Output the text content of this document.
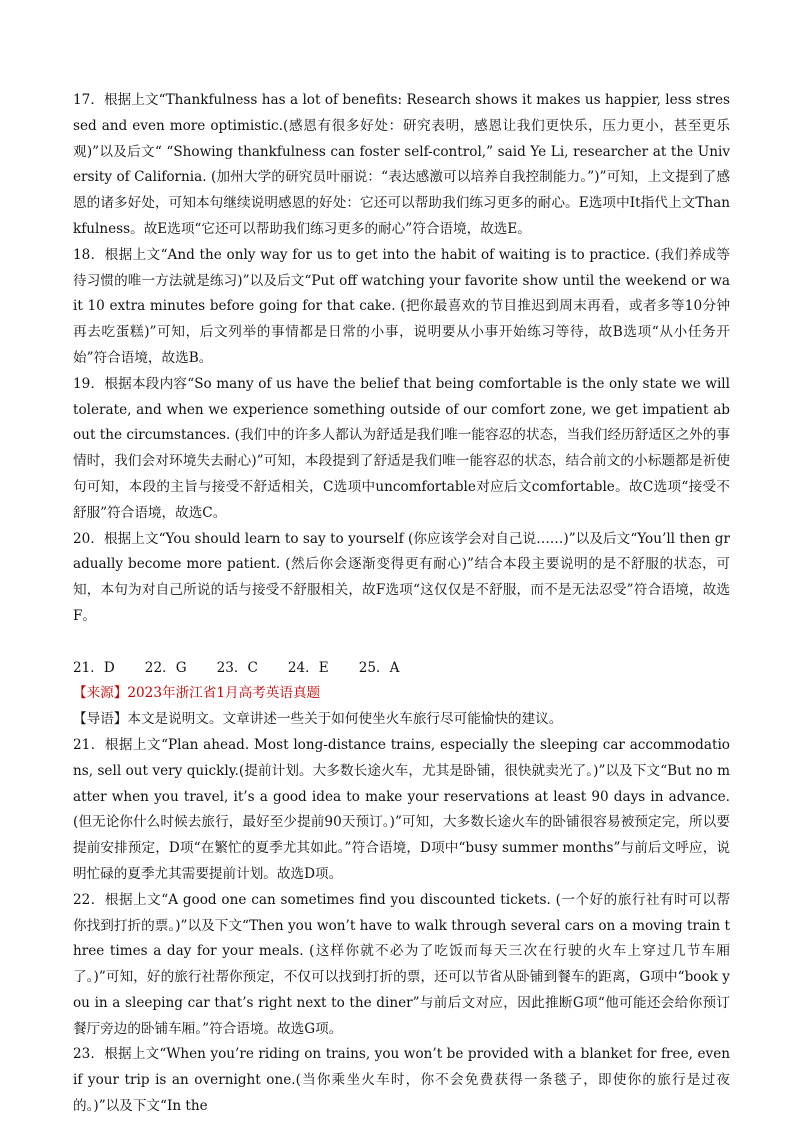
17．根据上文“Thankfulness has a lot of benefits: Research shows it makes us happier, less stressed and even more optimistic.(感恩有很多好处：研究表明，感恩让我们更快乐，压力更小，甚至更乐观)”以及后文“ “Showing thankfulness can foster self-control,” said Ye Li, researcher at the University of California. (加州大学的研究员叶丽说：“表达感激可以培养自我控制能力。”)”可知，上文提到了感恩的诸多好处，可知本句继续说明感恩的好处：它还可以帮助我们练习更多的耐心。E选项中It指代上文Thankfulness。故E选项“它还可以帮助我们练习更多的耐心”符合语境，故选E。

18．根据上文“And the only way for us to get into the habit of waiting is to practice. (我们养成等待习惯的唯一方法就是练习)”以及后文“Put off watching your favorite show until the weekend or wait 10 extra minutes before going for that cake. (把你最喜欢的节目推迟到周末再看，或者多等10分钟再去吃蛋糕)”可知，后文列举的事情都是日常的小事，说明要从小事开始练习等待，故B选项“从小任务开始”符合语境，故选B。

19．根据本段内容“So many of us have the belief that being comfortable is the only state we will tolerate, and when we experience something outside of our comfort zone, we get impatient about the circumstances. (我们中的许多人都认为舒适是我们唯一能容忍的状态，当我们经历舒适区之外的事情时，我们会对环境失去耐心)”可知，本段提到了舒适是我们唯一能容忍的状态，结合前文的小标题都是祈使句可知，本段的主旨与接受不舒适相关，C选项中uncomfortable对应后文comfortable。故C选项“接受不舒服”符合语境，故选C。

20．根据上文“You should learn to say to yourself (你应该学会对自己说……)”以及后文“You’ll then gradually become more patient. (然后你会逐渐变得更有耐心)”结合本段主要说明的是不舒服的状态，可知，本句为对自己所说的话与接受不舒服相关，故F选项“这仅仅是不舒服，而不是无法忍受”符合语境，故选F。

21．D 22．G 23．C 24．E 25．A

【来源】2023年浙江省1月高考英语真题

【导语】本文是说明文。文章讲述一些关于如何使坐火车旅行尽可能愉快的建议。

21．根据上文“Plan ahead. Most long-distance trains, especially the sleeping car accommodations, sell out very quickly.(提前计划。大多数长途火车，尤其是卧铺，很快就卖光了。)”以及下文“But no matter when you travel, it’s a good idea to make your reservations at least 90 days in advance. (但无论你什么时候去旅行，最好至少提前90天预订。)”可知，大多数长途火车的卧铺很容易被预定完，所以要提前安排预定，D项“在繁忙的夏季尤其如此。”符合语境，D项中“busy summer months”与前后文呼应，说明忙碌的夏季尤其需要提前计划。故选D项。

22．根据上文“A good one can sometimes find you discounted tickets. (一个好的旅行社有时可以帮你找到打折的票。)”以及下文“Then you won’t have to walk through several cars on a moving train three times a day for your meals. (这样你就不必为了吃饭而每天三次在行驶的火车上穿过几节车厢了。)”可知，好的旅行社帮你预定，不仅可以找到打折的票，还可以节省从卧铺到餐车的距离，G项中“book you in a sleeping car that’s right next to the diner”与前后文对应，因此推断G项“他可能还会给你预订餐厅旁边的卧铺车厢。”符合语境。故选G项。

23．根据上文“When you’re riding on trains, you won’t be provided with a blanket for free, even if your trip is an overnight one.(当你乘坐火车时，你不会免费获得一条毯子，即使你的旅行是过夜的。)”以及下文“In the
